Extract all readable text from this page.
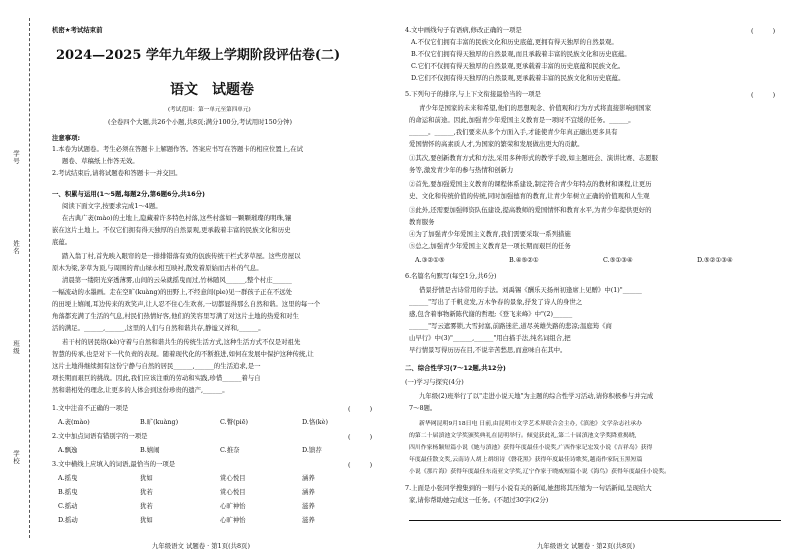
学号
姓名
班级
学校
机密★考试结束前
2024—2025 学年九年级上学期阶段评估卷(二)
语文　试题卷
(考试范围：第一单元至第四单元)
(全卷四个大题,共26个小题,共8页;满分100分,考试用时150分钟)
注意事项:
1.本卷为试题卷。考生必须在答题卡上解题作答。答案应书写在答题卡的相应位置上,在试
题卷、草稿纸上作答无效。
2.考试结束后,请将试题卷和答题卡一并交回。
一、积累与运用(1～5题,每题2分,第6题6分,共16分)
阅读下面文字,按要求完成1～4题。
在古典广袤(mào)的土地上,隐藏着许多特色村落,这些村落如一颗颗璀璨的明珠,镶
嵌在这片土地上。不仅它们拥有得天独厚的自然景观,更承载着丰富的民族文化和历史
底蕴。
踏入翁丁村,首先映入眼帘的是一排排错落有致的佤族传统干栏式茅草屋。这些房屋以
原木为梁,茅草为顶,与周围的青山绿水相互映衬,散发着原始而古朴的气息。
清晨第一缕阳光穿透薄雾,山间的云朵就摇曳而过,竹林随风______,整个村庄______
一幅流动的水墨画。走在空旷(kuàng)的田野上,不经意间(pìe)见一群孩子正在不远处
的田埂上嬉闹,耳边传来的欢笑声,让人忍不住心生欢喜,一切都显得那么自然和谐。这里的每一个
角落都充满了生活的气息,村民们热情好客,他们的笑容里写满了对这片土地的热爱和对生
活的满足。______,______,这里的人们与自然和谐共存,静谧又祥和,______。
若干村的居民络(kè)守着与自然和谐共生的传统生活方式,这种生活方式不仅是对祖先
智慧的传承,也是对下一代负责的表现。随着现代化的不断推进,如何在发展中保护这种传统,让
这片土地得继续拥有这份宁静与自然的居民______,______的生活追求,是一
项长期而艰巨的挑战。因此,我们应该注重的劳动和实践,珍惜______着与自
然和谐相处的理念,让更多的人体会到这份珍贵的遗产,______。
1.文中注音不正确的一项是	(　　　)
A.袤(mào)	B.旷(kuàng)	C.瞥(piē)	D.恪(kè)
2.文中加点词语有错别字的一项是	(　　　)
A.飘逸	B.嬉闹	C.推奈	D.馈荐
3.文中横线上应填入的词语,最恰当的一项是	(　　　)
A.摇曳	犹如	赏心悦目	涵养
B.摇曳	犹若	赏心悦目	涵养
C.摇动	犹若	心旷神怡	滋养
D.摇动	犹如	心旷神怡	滋养
九年级语文 试题卷 · 第1页(共8页)
4.文中画线句子有语病,修改正确的一项是	(　　　)
A.不仅它们拥有丰富的民族文化和历史底蕴,更拥有得天独厚的自然景观。
B.不仅它们拥有得天独厚的自然景观,而且承载着丰富的民族文化和历史底蕴。
C.它们不仅拥有得天独厚的自然景观,更承载着丰富的历史底蕴和民族文化。
D.它们不仅拥有得天独厚的自然景观,更承载着丰富的民族文化和历史底蕴。
5.下列句子的排序,与上下文衔接最恰当的一项是	(　　　)
青少年是国家的未来和希望,他们的思想观念、价值观和行为方式将直接影响到国家
的命运和前途。因此,加强青少年爱国主义教育是一项时不宜缓的任务。______。
______。______,我们要来从多个方面入手,才能使青少年真正融出更多具有
爱国情怀的高素质人才,为国家的繁荣和发展做出更大的贡献。
①其次,要创新教育方式和方法,采用多种形式的教学手段,如主题班会、演讲比赛、志愿服
务等,激发青少年的参与热情和创新力
②首先,要加强爱国主义教育的课程体系建设,制定符合青少年特点的教材和课程,让更历
史、文化和传统价值的传统,同时加强德育的教育,让青少年树立正确的价值观和人生观
③此外,还需要加强师资队伍建设,提高教师的爱国情怀和教育水平,为青少年提供更好的
教育服务
④为了加强青少年爱国主义教育,我们需要采取一系列措施
⑤总之,加强青少年爱国主义教育是一项长期而艰巨的任务
A.③②①⑤	B.④⑤②①	C.⑤①③④	D.⑤②①③④
6.名篇名句默写(每空1分,共6分)
借景抒情是古诗常用的手法。刘禹锡《酬乐天扬州初逢席上见赠》中(1)"______
______"写出了千帆竞发,万木争春的景象,抒发了诗人的身世之
感,包含着事物新陈代谢的哲理;《登飞来峰》中"(2)______
______"写云遮雾锁,大雪封塞,前路迷茫,道尽英雄失路的悲凉;温庭筠《商
山早行》中(3)"______,______"用白描手法,纯名词组合,把
早行情景写得历历在目,不说辛苦愁思,而意味自在其中。
二、综合性学习(7～12题,共12分)
(一)学习与探究(4分)
九年级(2)班举行了以"走进小说天地"为主题的综合性学习活动,请你积极参与并完成
7～8题。
新华网昆明9月18日电 日前,由昆明市文学艺术界联合会主办,《滇池》文学杂志社承办
的第二十届滇池文学奖颁奖典礼在昆明举行。倾觉获此礼,第二十届滇池文学奖降重揭晓,
四川作家杨颖短篇小说《她与滇池》获得年度最佳小说奖,广西作家记宏发小说《吉祥岛》获得
年度最佳散文奖,云南诗人胡上胡组诗《磬花黑》获得年度最佳诗歌奖,越南作家阮玉黑短篇
小说《那片海》获得年度最佳东南亚文学奖,辽宁作家于晓威短篇小说《海鸟》获得年度最佳小说奖。
7.上面是小张同学搜集到的一则与小说有关的新闻,她想将其压缩为一句话新闻,呈现给大
家,请你帮助她完成这一任务。(不超过30字)(2分)
九年级语文 试题卷 · 第2页(共8页)
